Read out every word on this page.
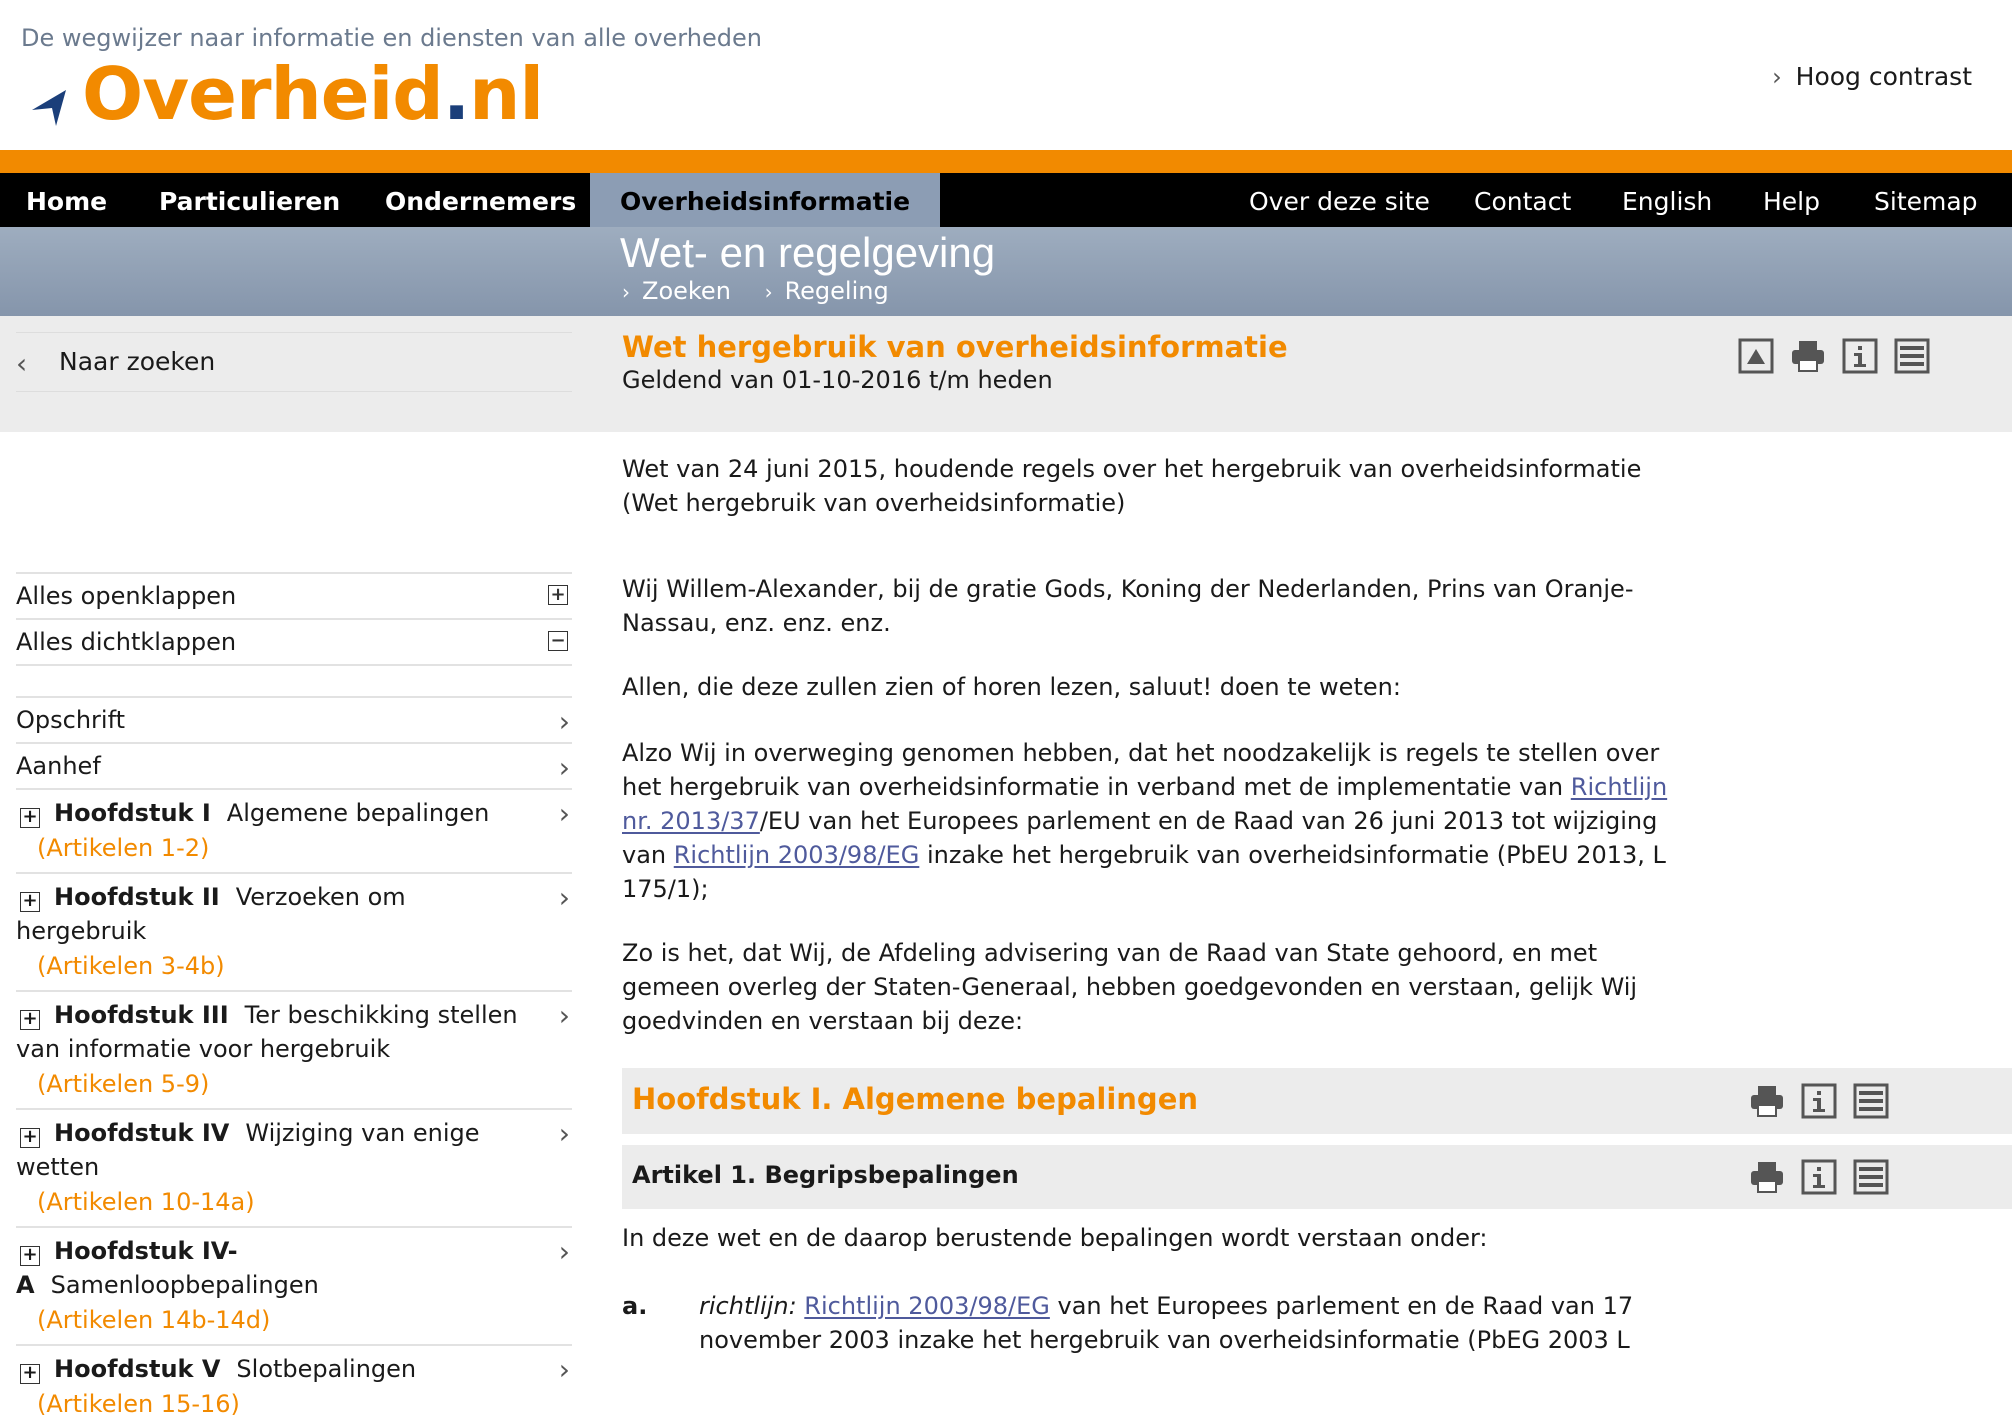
De wegwijzer naar informatie en diensten van alle overheden
Overheid.nl	› Hoog contrast
Home Particulieren Ondernemers	Overheidsinformatie	Over deze site Contact English Help Sitemap
Wet- en regelgeving
› Zoeken › Regeling
‹ Naar zoeken	Wet hergebruik van overheidsinformatie
Geldend van 01-10-2016 t/m heden
Alles openklappen	+
Alles dichtklappen	−
Opschrift	›
Aanhef	›
+ Hoofdstuk I Algemene bepalingen
(Artikelen 1-2)
›
+ Hoofdstuk II Verzoeken om hergebruik
(Artikelen 3-4b)
›
+ Hoofdstuk III Ter beschikking stellen van informatie voor hergebruik
(Artikelen 5-9)
›
+ Hoofdstuk IV Wijziging van enige wetten
(Artikelen 10-14a)
›
+ Hoofdstuk IV-A Samenloopbepalingen
(Artikelen 14b-14d)
›
+ Hoofdstuk V Slotbepalingen
(Artikelen 15-16)
›

Wet van 24 juni 2015, houdende regels over het hergebruik van overheidsinformatie (Wet hergebruik van overheidsinformatie)

Wij Willem-Alexander, bij de gratie Gods, Koning der Nederlanden, Prins van Oranje-Nassau, enz. enz. enz.

Allen, die deze zullen zien of horen lezen, saluut! doen te weten:

Alzo Wij in overweging genomen hebben, dat het noodzakelijk is regels te stellen over het hergebruik van overheidsinformatie in verband met de implementatie van Richtlijn nr. 2013/37/EU van het Europees parlement en de Raad van 26 juni 2013 tot wijziging van Richtlijn 2003/98/EG inzake het hergebruik van overheidsinformatie (PbEU 2013, L 175/1);

Zo is het, dat Wij, de Afdeling advisering van de Raad van State gehoord, en met gemeen overleg der Staten-Generaal, hebben goedgevonden en verstaan, gelijk Wij goedvinden en verstaan bij deze:

Hoofdstuk I. Algemene bepalingen
Artikel 1. Begripsbepalingen
In deze wet en de daarop berustende bepalingen wordt verstaan onder:
a. richtlijn: Richtlijn 2003/98/EG van het Europees parlement en de Raad van 17 november 2003 inzake het hergebruik van overheidsinformatie (PbEG 2003 L
